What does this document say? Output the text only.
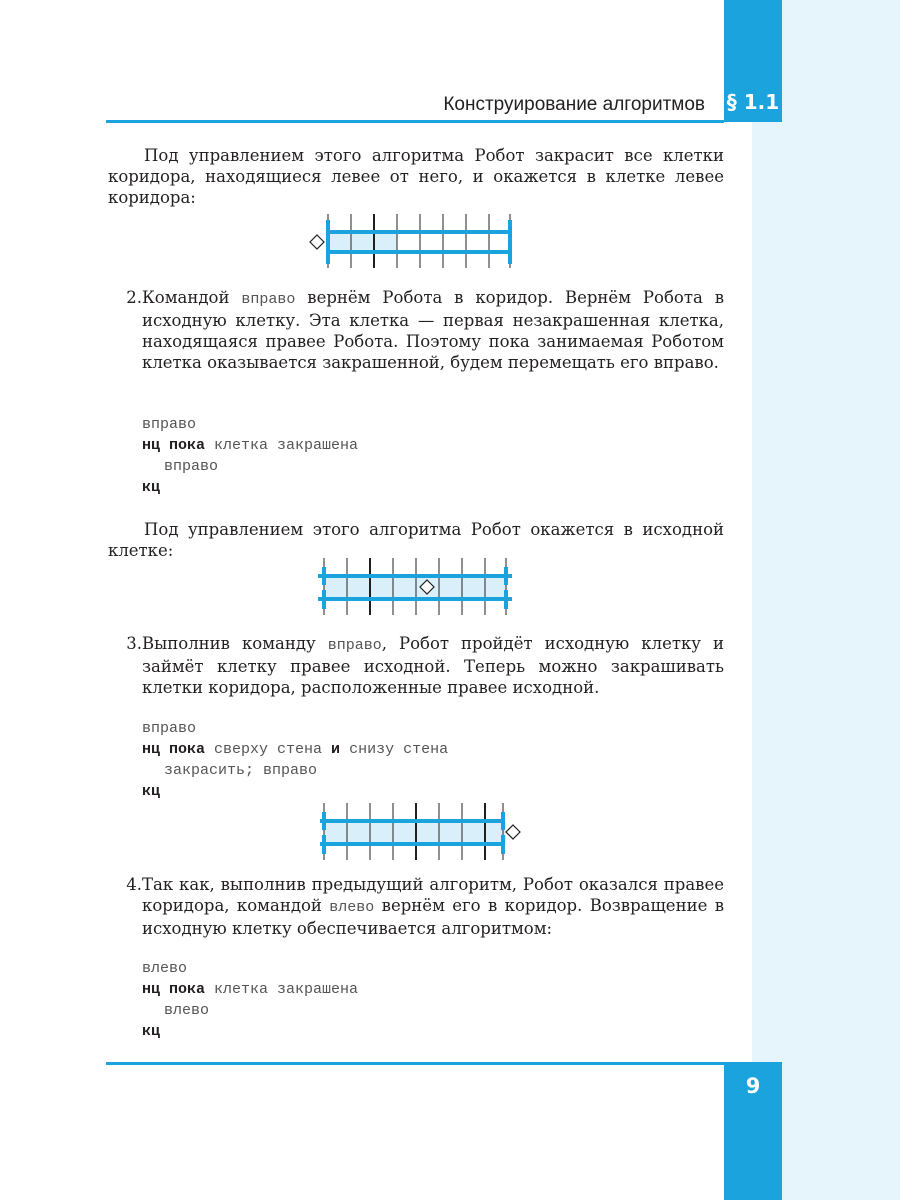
Конструирование алгоритмов § 1.1
9
Под управлением этого алгоритма Робот закрасит все клетки коридора, находящиеся левее от него, и окажется в клетке левее коридора:
2. Командой вправо вернём Робота в коридор. Вернём Робота в исходную клетку. Эта клетка — первая незакрашенная клетка, находящаяся правее Робота. Поэтому пока занимаемая Роботом клетка оказывается закрашенной, будем перемещать его вправо.
вправо
нц пока клетка закрашена
вправо
кц
Под управлением этого алгоритма Робот окажется в исходной клетке:
3. Выполнив команду вправо, Робот пройдёт исходную клетку и займёт клетку правее исходной. Теперь можно закрашивать клетки коридора, расположенные правее исходной.
вправо
нц пока сверху стена и снизу стена
закрасить; вправо
кц
4. Так как, выполнив предыдущий алгоритм, Робот оказался правее коридора, командой влево вернём его в коридор. Возвращение в исходную клетку обеспечивается алгоритмом:
влево
нц пока клетка закрашена
влево
кц
